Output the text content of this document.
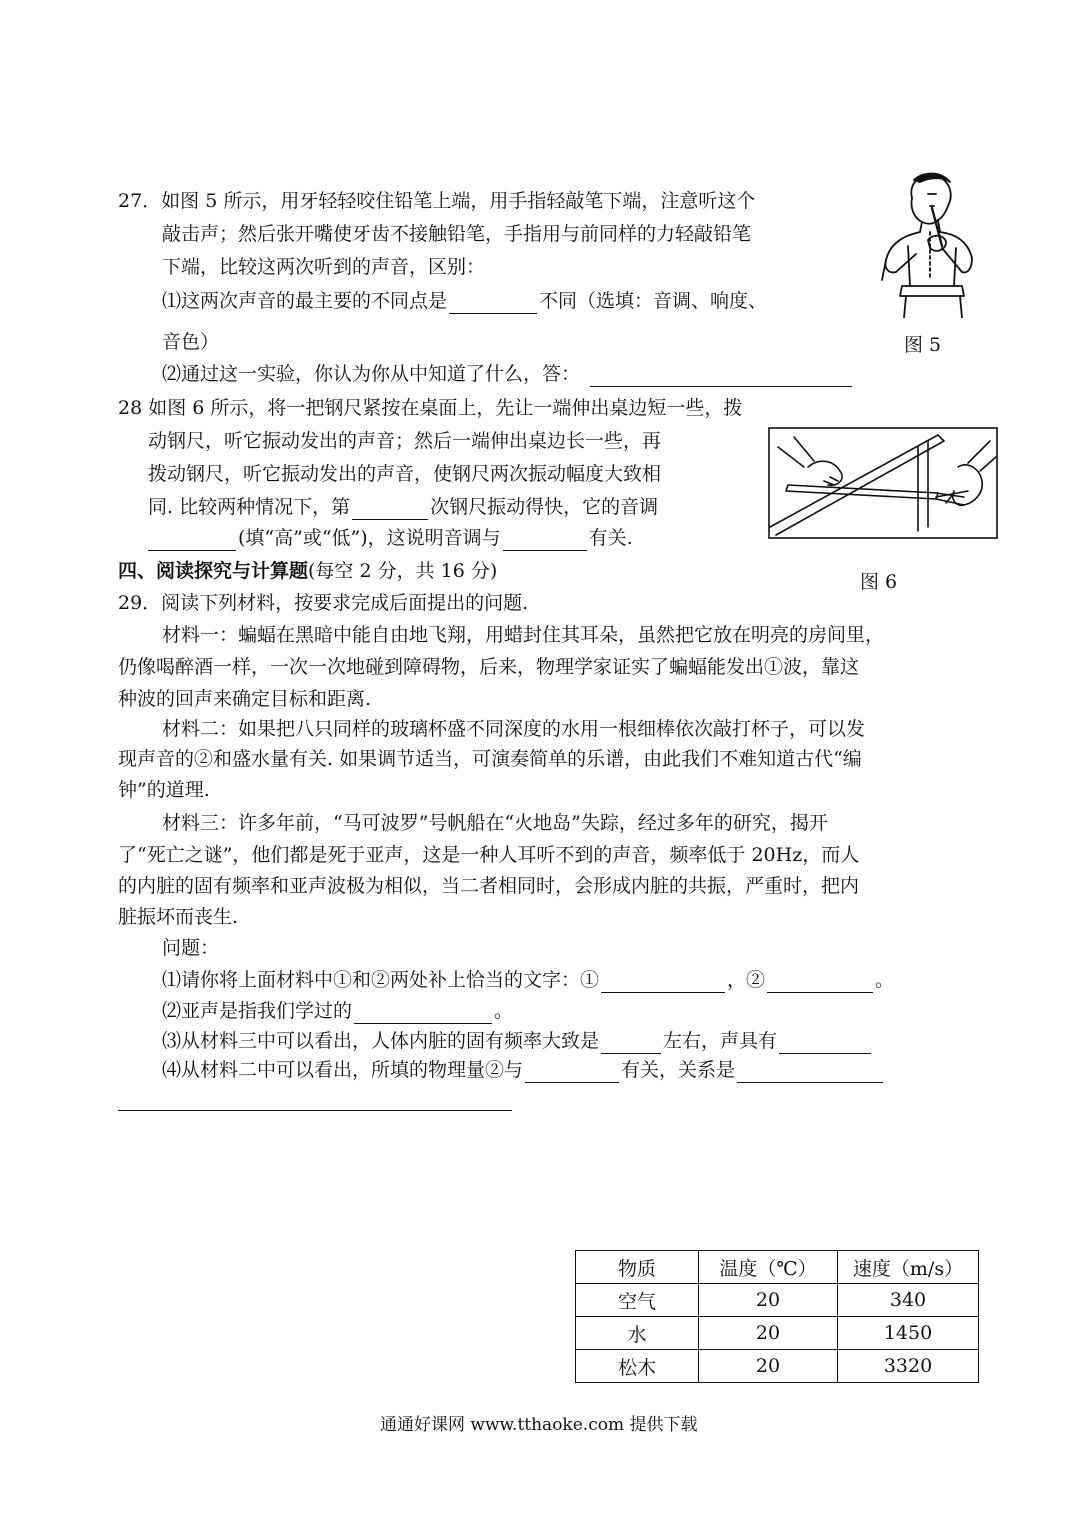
27．如图 5 所示，用牙轻轻咬住铅笔上端，用手指轻敲笔下端，注意听这个
敲击声；然后张开嘴使牙齿不接触铅笔，手指用与前同样的力轻敲铅笔
下端，比较这两次听到的声音，区别：
⑴这两次声音的最主要的不同点是	不同（选填：音调、响度、
音色）
⑵通过这一实验，你认为你从中知道了什么，答：
图 5
28 如图 6 所示，将一把钢尺紧按在桌面上，先让一端伸出桌边短一些，拨
动钢尺，听它振动发出的声音；然后一端伸出桌边长一些，再
拨动钢尺，听它振动发出的声音，使钢尺两次振动幅度大致相
同. 比较两种情况下，第	次钢尺振动得快，它的音调
(填“高”或“低”)，这说明音调与	有关.
图 6
四、阅读探究与计算题(每空 2 分，共 16 分)
29．阅读下列材料，按要求完成后面提出的问题.
材料一：蝙蝠在黑暗中能自由地飞翔，用蜡封住其耳朵，虽然把它放在明亮的房间里，
仍像喝醉酒一样，一次一次地碰到障碍物，后来，物理学家证实了蝙蝠能发出①波，靠这
种波的回声来确定目标和距离.
材料二：如果把八只同样的玻璃杯盛不同深度的水用一根细棒依次敲打杯子，可以发
现声音的②和盛水量有关. 如果调节适当，可演奏简单的乐谱，由此我们不难知道古代“编
钟”的道理.
材料三：许多年前，“马可波罗”号帆船在“火地岛”失踪，经过多年的研究，揭开
了“死亡之谜”，他们都是死于亚声，这是一种人耳听不到的声音，频率低于 20Hz，而人
的内脏的固有频率和亚声波极为相似，当二者相同时，会形成内脏的共振，严重时，把内
脏振坏而丧生.
问题：
⑴请你将上面材料中①和②两处补上恰当的文字：①	，②	。
⑵亚声是指我们学过的	。
⑶从材料三中可以看出，人体内脏的固有频率大致是	左右，声具有
⑷从材料二中可以看出，所填的物理量②与	有关，关系是
物质	温度（℃）	速度（m/s）
空气	20	340
水	20	1450
松木	20	3320
通通好课网 www.tthaoke.com 提供下载
